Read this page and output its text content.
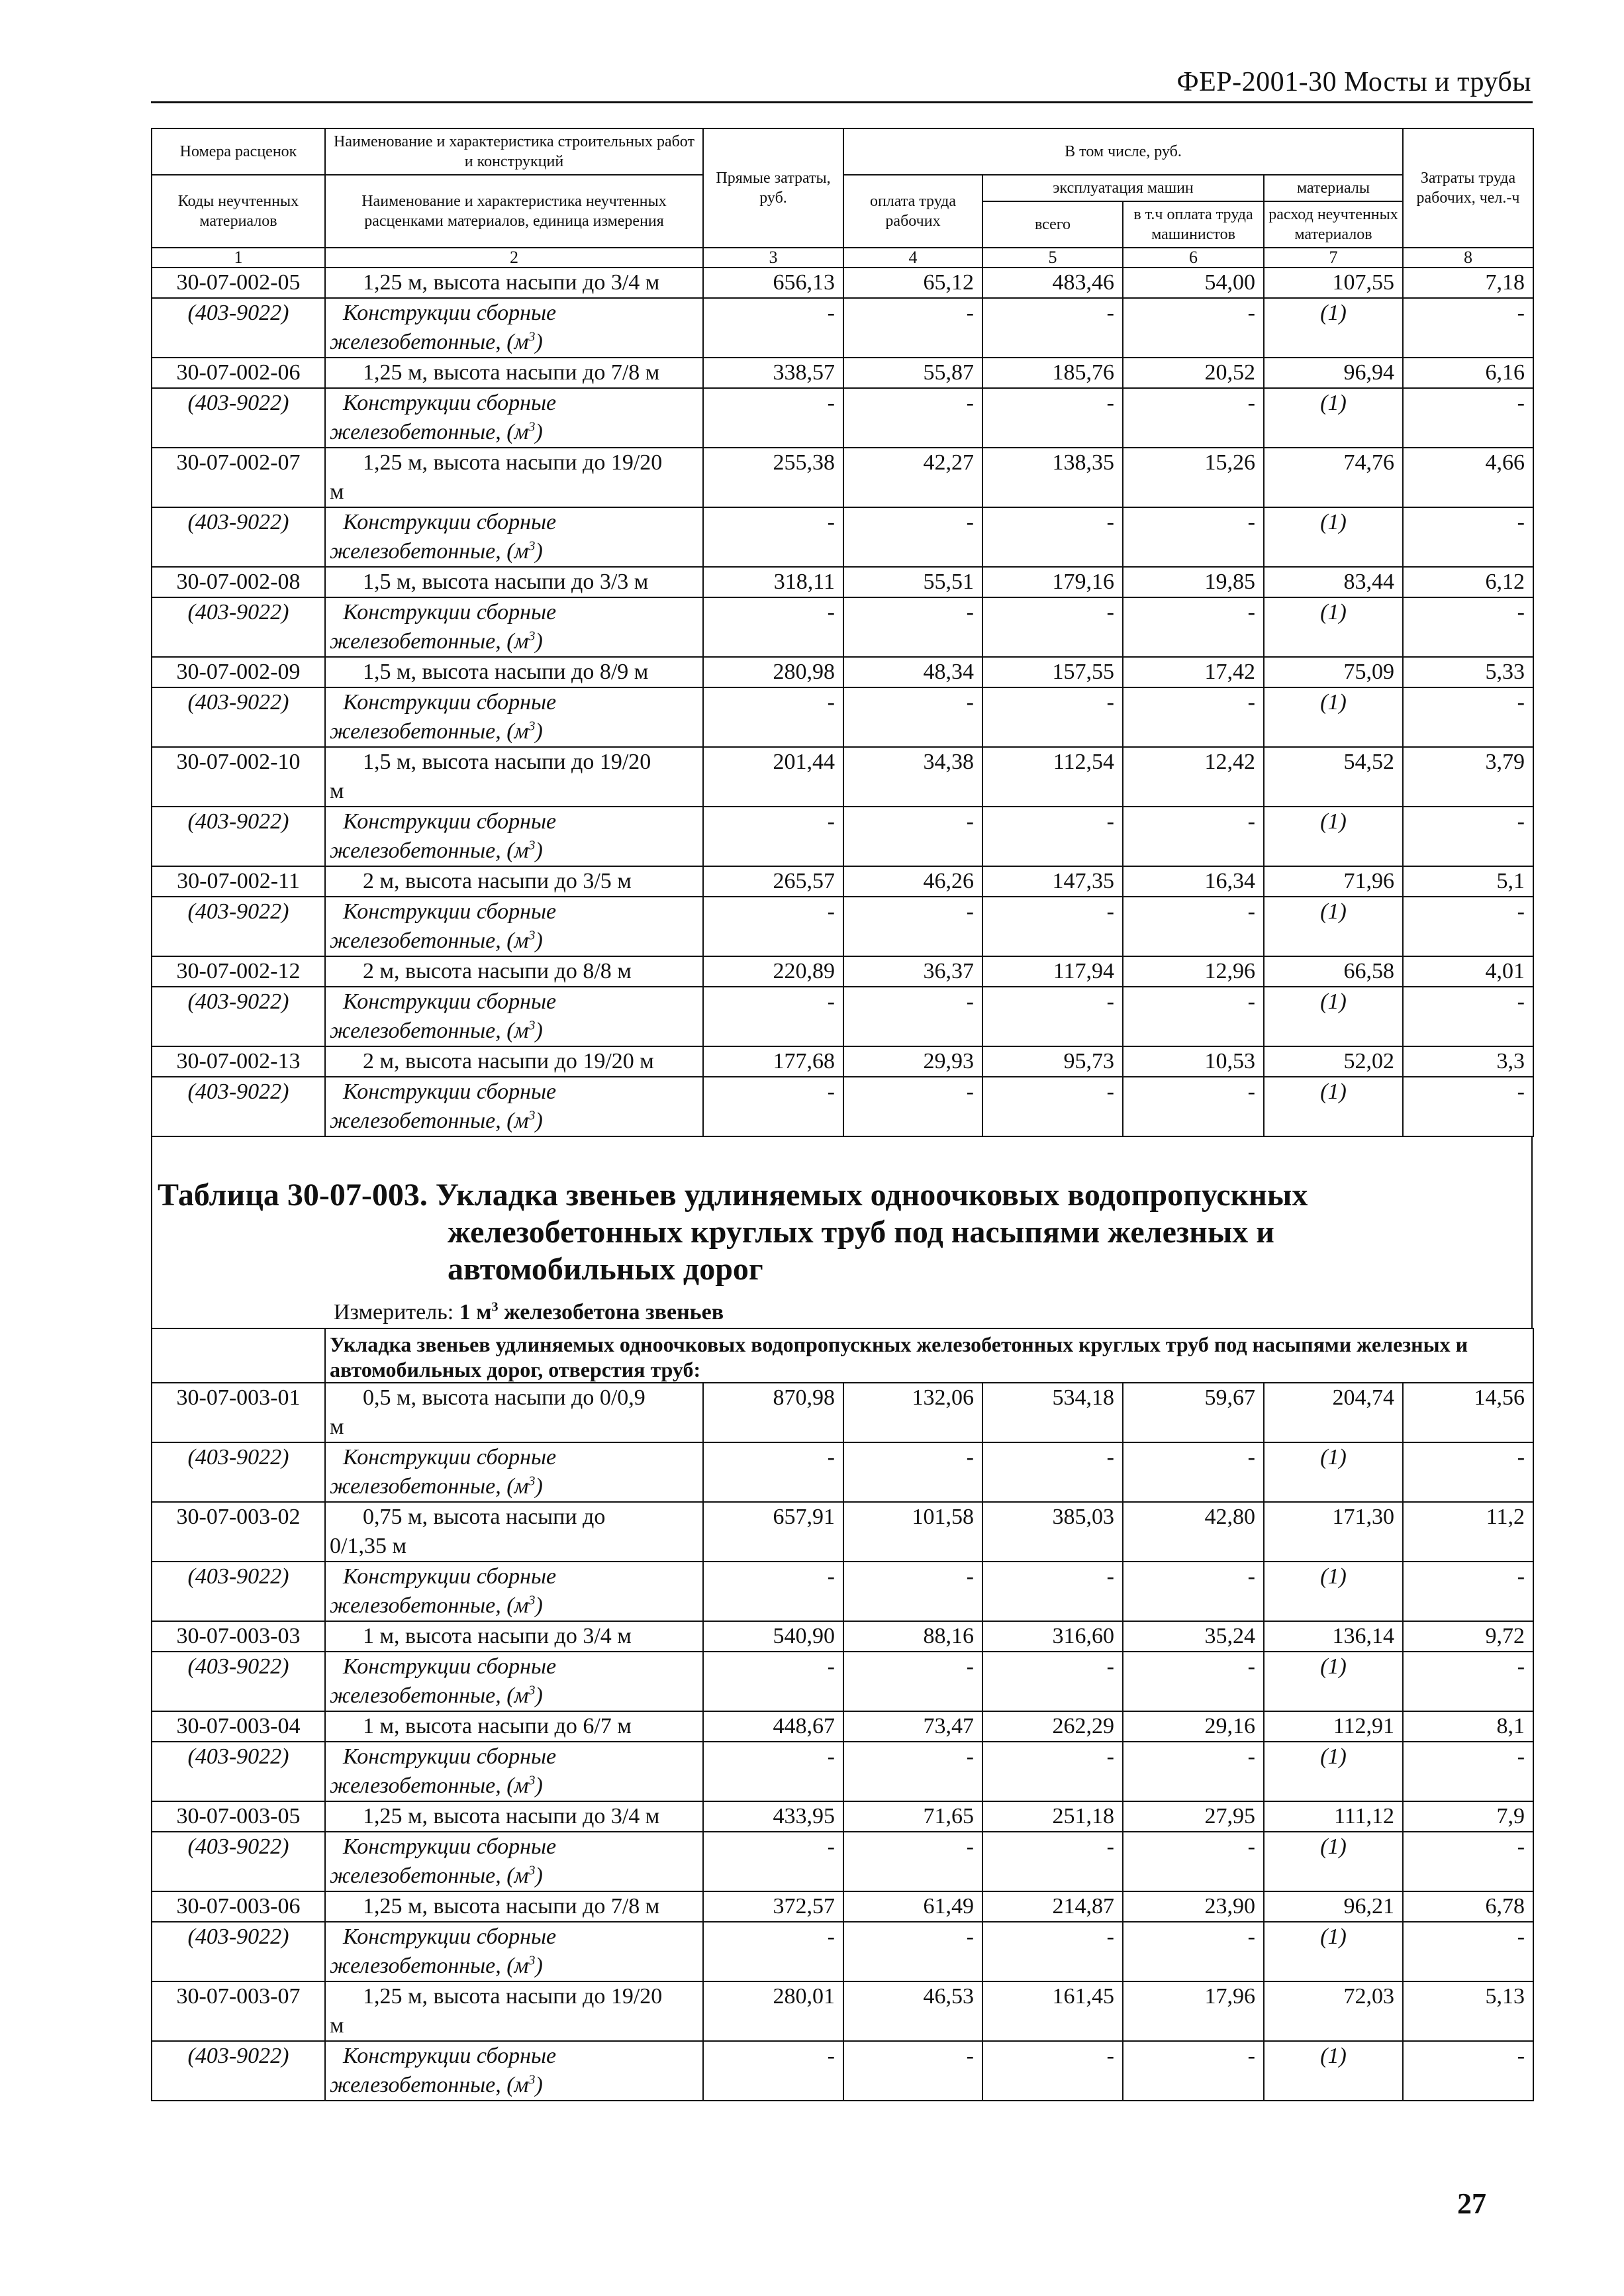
ФЕР-2001-30 Мосты и трубы
Номера расценок	Наименование и характеристика строительных работ и конструкций	Прямые затраты, руб.	В том числе, руб.				Затраты труда рабочих, чел.-ч
Коды неучтенных материалов	Наименование и характеристика неучтенных расценками материалов, единица измерения		оплата труда рабочих	эксплуатация машин		материалы	
				всего	в т.ч оплата труда машинистов	расход неучтенных материалов	
1	2	3	4	5	6	7	8
30-07-002-05	1,25 м, высота насыпи до 3/4 м	656,13	65,12	483,46	54,00	107,55	7,18
(403-9022)	Конструкции сборные
железобетонные, $(м^3)$	-	-	-	-	(1)	-
30-07-002-06	1,25 м, высота насыпи до 7/8 м	338,57	55,87	185,76	20,52	96,94	6,16
(403-9022)	Конструкции сборные
железобетонные, $(м^3)$	-	-	-	-	(1)	-
30-07-002-07	1,25 м, высота насыпи до 19/20
м	255,38	42,27	138,35	15,26	74,76	4,66
(403-9022)	Конструкции сборные
железобетонные, $(м^3)$	-	-	-	-	(1)	-
30-07-002-08	1,5 м, высота насыпи до 3/3 м	318,11	55,51	179,16	19,85	83,44	6,12
(403-9022)	Конструкции сборные
железобетонные, $(м^3)$	-	-	-	-	(1)	-
30-07-002-09	1,5 м, высота насыпи до 8/9 м	280,98	48,34	157,55	17,42	75,09	5,33
(403-9022)	Конструкции сборные
железобетонные, $(м^3)$	-	-	-	-	(1)	-
30-07-002-10	1,5 м, высота насыпи до 19/20
м	201,44	34,38	112,54	12,42	54,52	3,79
(403-9022)	Конструкции сборные
железобетонные, $(м^3)$	-	-	-	-	(1)	-
30-07-002-11	2 м, высота насыпи до 3/5 м	265,57	46,26	147,35	16,34	71,96	5,1
(403-9022)	Конструкции сборные
железобетонные, $(м^3)$	-	-	-	-	(1)	-
30-07-002-12	2 м, высота насыпи до 8/8 м	220,89	36,37	117,94	12,96	66,58	4,01
(403-9022)	Конструкции сборные
железобетонные, $(м^3)$	-	-	-	-	(1)	-
30-07-002-13	2 м, высота насыпи до 19/20 м	177,68	29,93	95,73	10,53	52,02	3,3
(403-9022)	Конструкции сборные
железобетонные, $(м^3)$	-	-	-	-	(1)	-
Таблица 30-07-003. Укладка звеньев удлиняемых одноочковых водопропускных
железобетонных круглых труб под насыпями железных и
автомобильных дорог
Измеритель: 1 $м^3$ железобетона звеньев
	Укладка звеньев удлиняемых одноочковых водопропускных железобетонных круглых труб под насыпями железных и автомобильных дорог, отверстия труб:						
30-07-003-01	0,5 м, высота насыпи до 0/0,9
м	870,98	132,06	534,18	59,67	204,74	14,56
(403-9022)	Конструкции сборные
железобетонные, $(м^3)$	-	-	-	-	(1)	-
30-07-003-02	0,75 м, высота насыпи до
0/1,35 м	657,91	101,58	385,03	42,80	171,30	11,2
(403-9022)	Конструкции сборные
железобетонные, $(м^3)$	-	-	-	-	(1)	-
30-07-003-03	1 м, высота насыпи до 3/4 м	540,90	88,16	316,60	35,24	136,14	9,72
(403-9022)	Конструкции сборные
железобетонные, $(м^3)$	-	-	-	-	(1)	-
30-07-003-04	1 м, высота насыпи до 6/7 м	448,67	73,47	262,29	29,16	112,91	8,1
(403-9022)	Конструкции сборные
железобетонные, $(м^3)$	-	-	-	-	(1)	-
30-07-003-05	1,25 м, высота насыпи до 3/4 м	433,95	71,65	251,18	27,95	111,12	7,9
(403-9022)	Конструкции сборные
железобетонные, $(м^3)$	-	-	-	-	(1)	-
30-07-003-06	1,25 м, высота насыпи до 7/8 м	372,57	61,49	214,87	23,90	96,21	6,78
(403-9022)	Конструкции сборные
железобетонные, $(м^3)$	-	-	-	-	(1)	-
30-07-003-07	1,25 м, высота насыпи до 19/20
м	280,01	46,53	161,45	17,96	72,03	5,13
(403-9022)	Конструкции сборные
железобетонные, $(м^3)$	-	-	-	-	(1)	-
27
